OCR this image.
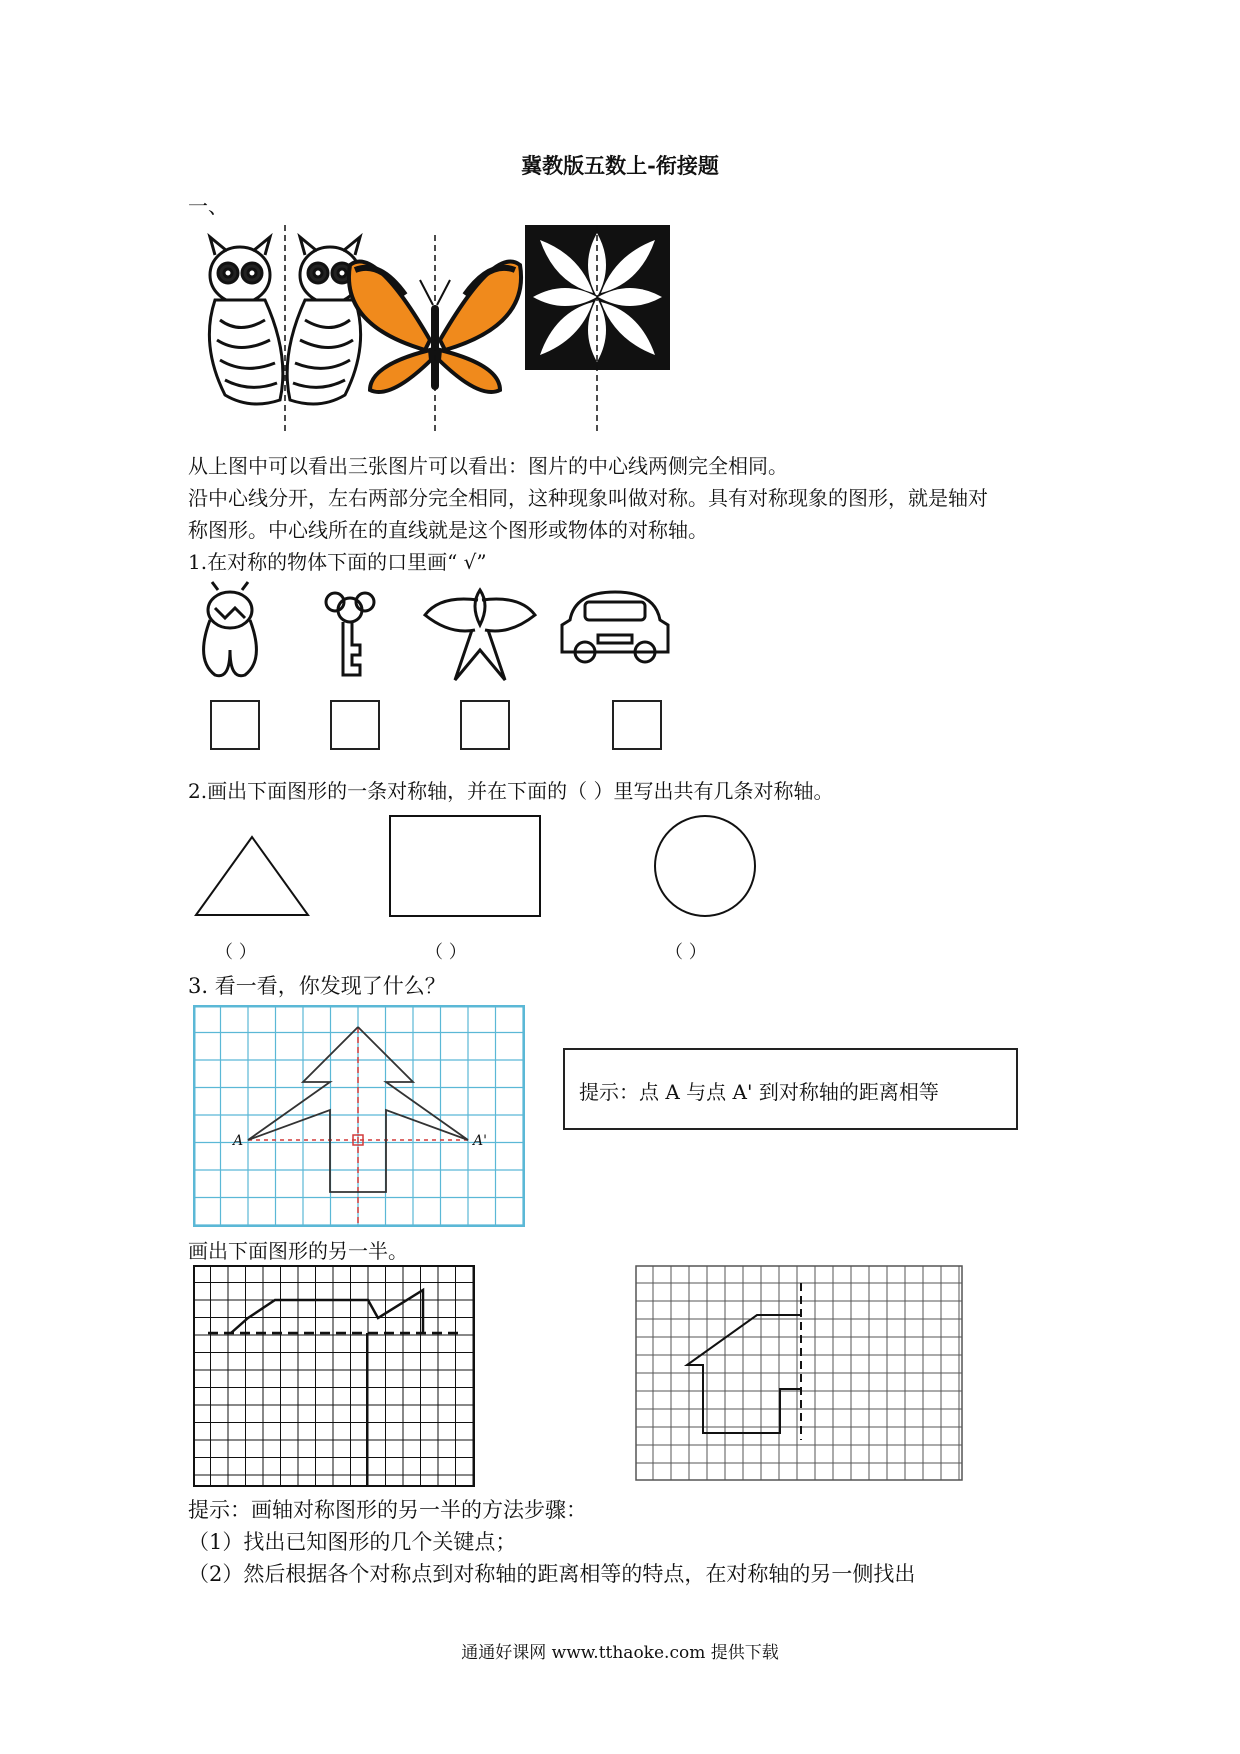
冀教版五数上-衔接题
一、
从上图中可以看出三张图片可以看出：图片的中心线两侧完全相同。
沿中心线分开，左右两部分完全相同，这种现象叫做对称。具有对称现象的图形，就是轴对
称图形。中心线所在的直线就是这个图形或物体的对称轴。
1.在对称的物体下面的口里画“ √”
2.画出下面图形的一条对称轴，并在下面的（ ）里写出共有几条对称轴。
（ ）	（ ）	（ ）
3. 看一看，你发现了什么？
A	A'
提示：点 A 与点 A' 到对称轴的距离相等
画出下面图形的另一半。
提示：画轴对称图形的另一半的方法步骤：
（1）找出已知图形的几个关键点；
（2）然后根据各个对称点到对称轴的距离相等的特点，在对称轴的另一侧找出
通通好课网 www.tthaoke.com 提供下载
